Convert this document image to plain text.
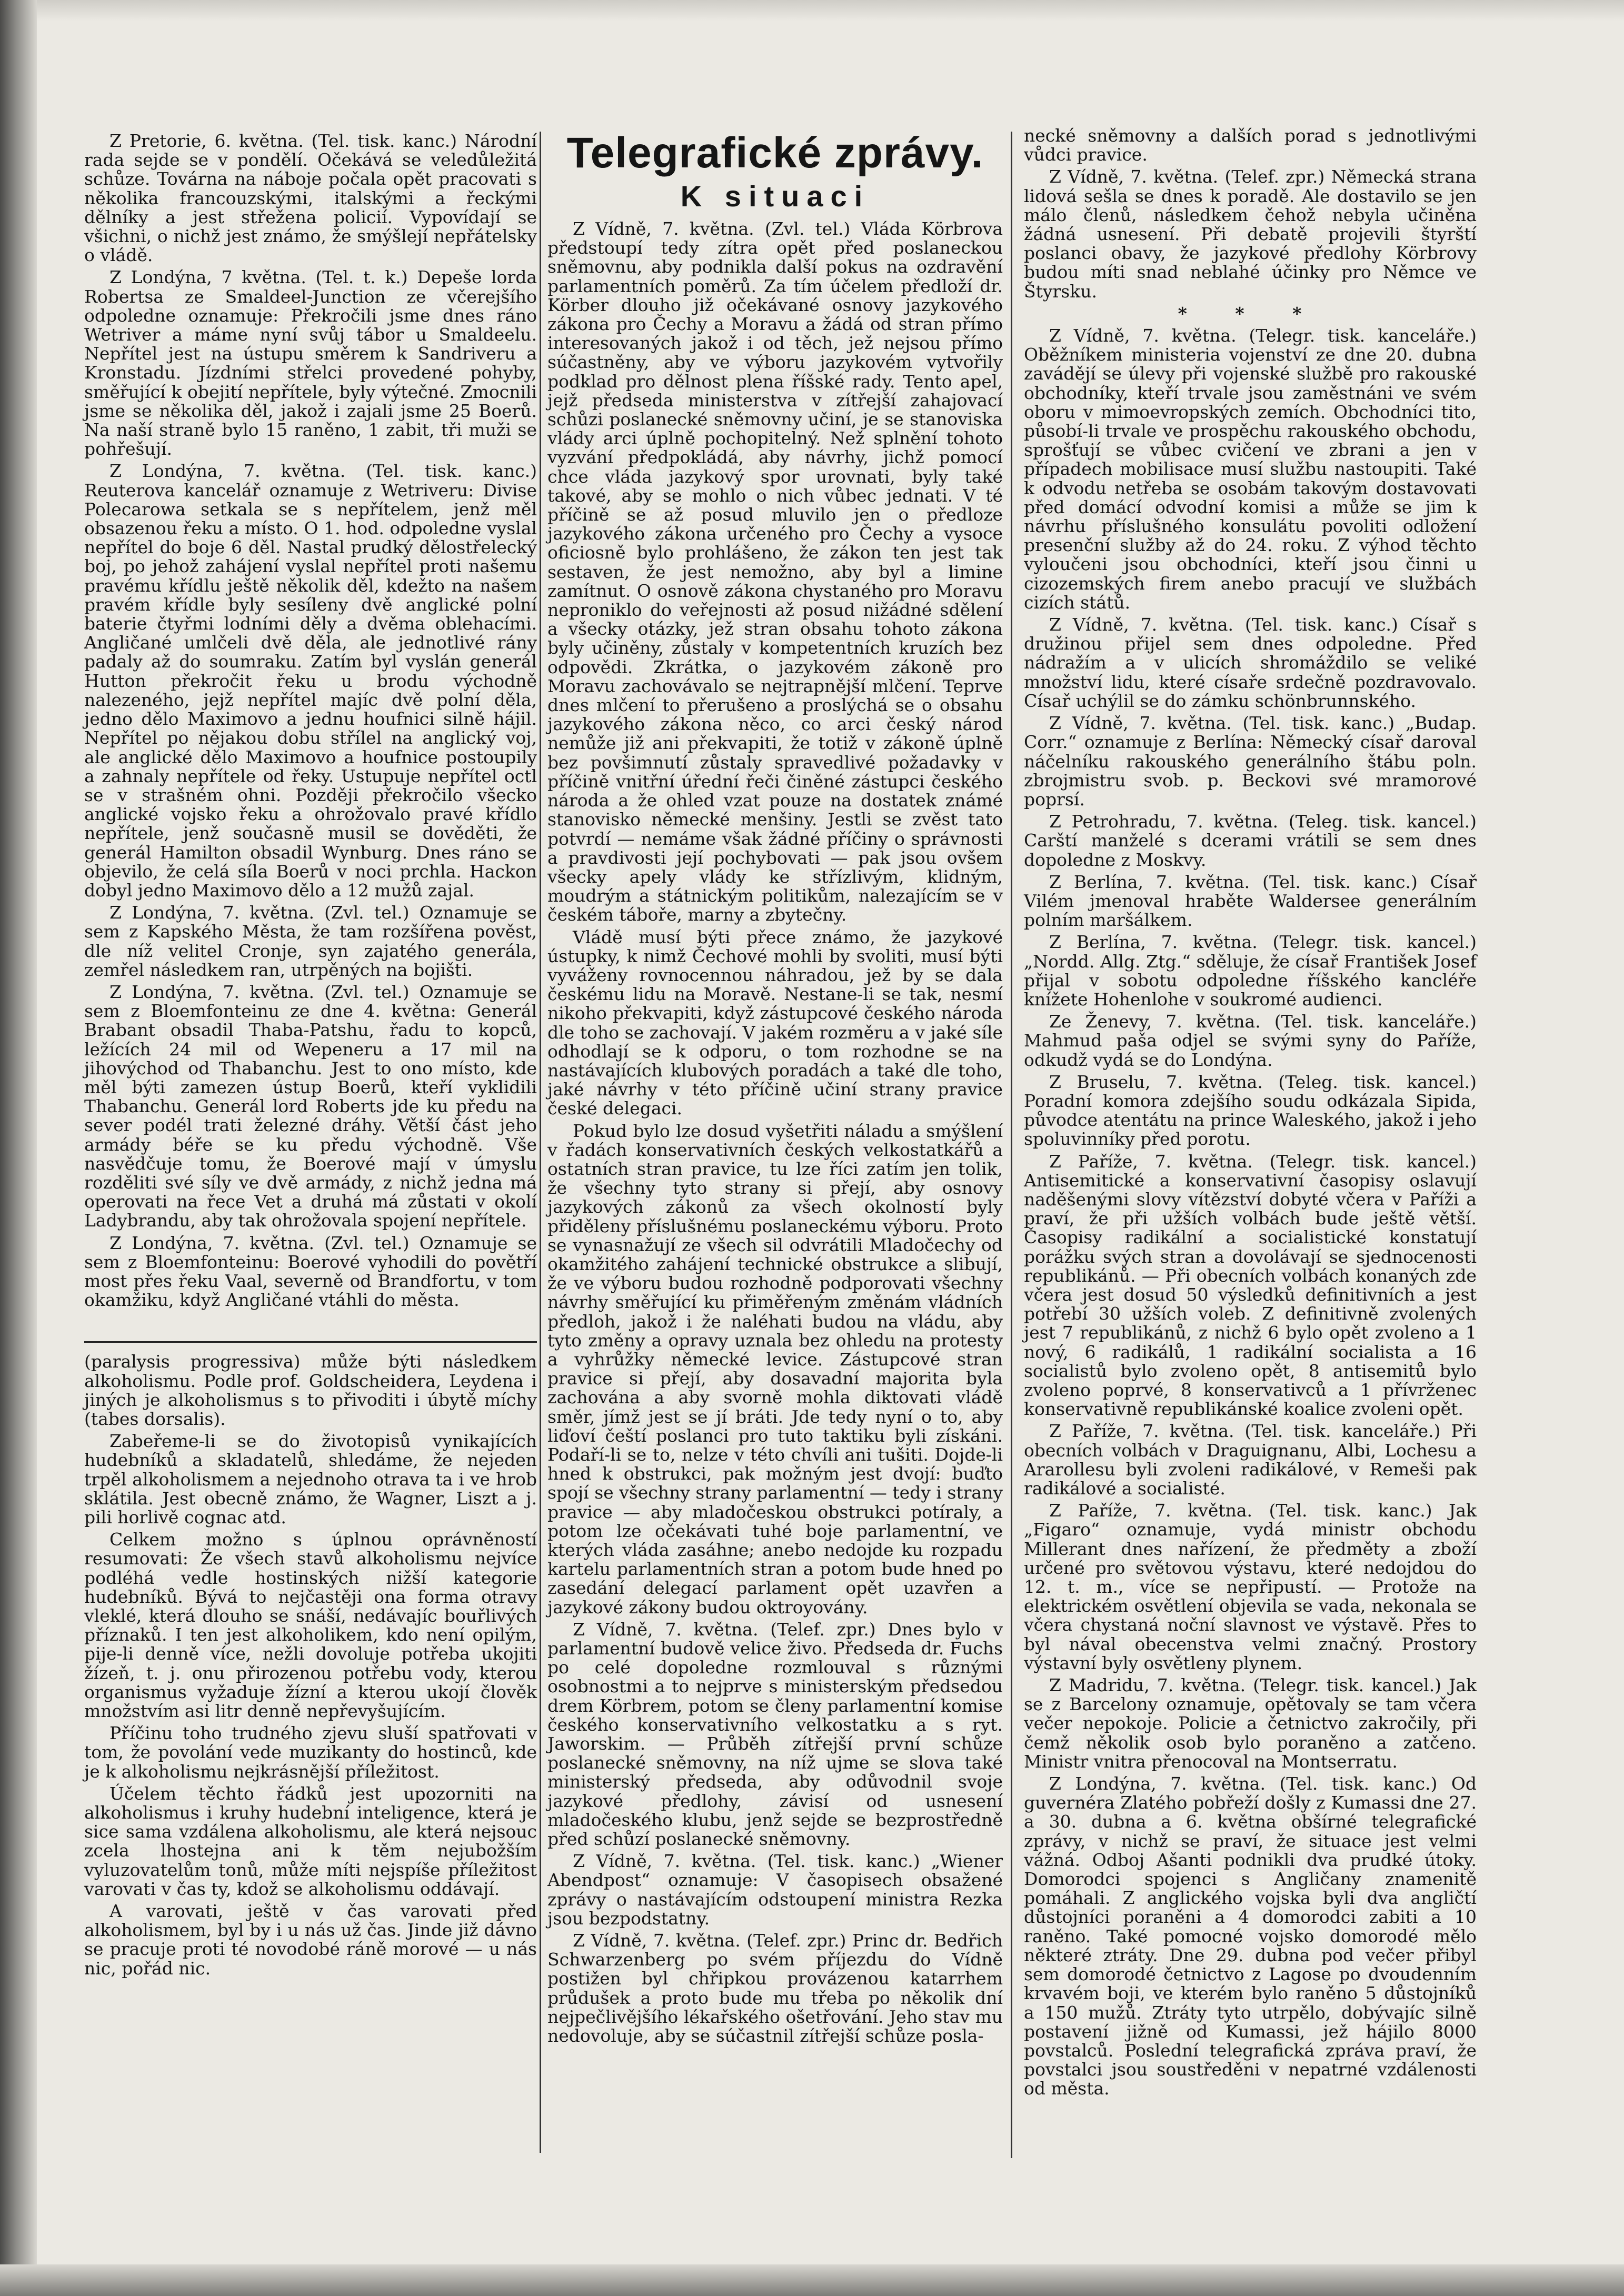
Z Pretorie, 6. května. (Tel. tisk. kanc.) Národní rada sejde se v pondělí. Očekává se veledůležitá schůze. Továrna na náboje počala opět pracovati s několika francouzskými, italskými a řeckými dělníky a jest střežena policií. Vypovídají se všichni, o nichž jest známo, že smýšlejí nepřátelsky o vládě.

Z Londýna, 7 května. (Tel. t. k.) Depeše lorda Robertsa ze Smaldeel-Junction ze včerejšího odpoledne oznamuje: Překročili jsme dnes ráno Wetriver a máme nyní svůj tábor u Smaldeelu. Nepřítel jest na ústupu směrem k Sandriveru a Kronstadu. Jízdními střelci provedené pohyby, směřující k obejití nepřítele, byly výtečné. Zmocnili jsme se několika děl, jakož i zajali jsme 25 Boerů. Na naší straně bylo 15 raněno, 1 zabit, tři muži se pohřešují.

Z Londýna, 7. května. (Tel. tisk. kanc.) Reuterova kancelář oznamuje z Wetriveru: Divise Polecarowa setkala se s nepřítelem, jenž měl obsazenou řeku a místo. O 1. hod. odpoledne vyslal nepřítel do boje 6 děl. Nastal prudký dělostřelecký boj, po jehož zahájení vyslal nepřítel proti našemu pravému křídlu ještě několik děl, kdežto na našem pravém křídle byly sesíleny dvě anglické polní baterie čtyřmi lodními děly a dvěma oblehacími. Angličané umlčeli dvě děla, ale jednotlivé rány padaly až do soumraku. Zatím byl vyslán generál Hutton překročit řeku u brodu východně nalezeného, jejž nepřítel majíc dvě polní děla, jedno dělo Maximovo a jednu houfnici silně hájil. Nepřítel po nějakou dobu střílel na anglický voj, ale anglické dělo Maximovo a houfnice postoupily a zahnaly nepřítele od řeky. Ustupuje nepřítel octl se v strašném ohni. Později překročilo všecko anglické vojsko řeku a ohrožovalo pravé křídlo nepřítele, jenž současně musil se dověděti, že generál Hamilton obsadil Wynburg. Dnes ráno se objevilo, že celá síla Boerů v noci prchla. Hackon dobyl jedno Maximovo dělo a 12 mužů zajal.

Z Londýna, 7. května. (Zvl. tel.) Oznamuje se sem z Kapského Města, že tam rozšířena pověst, dle níž velitel Cronje, syn zajatého generála, zemřel následkem ran, utrpěných na bojišti.

Z Londýna, 7. května. (Zvl. tel.) Oznamuje se sem z Bloemfonteinu ze dne 4. května: Generál Brabant obsadil Thaba-Patshu, řadu to kopců, ležících 24 mil od Wepeneru a 17 mil na jihovýchod od Thabanchu. Jest to ono místo, kde měl býti zamezen ústup Boerů, kteří vyklidili Thabanchu. Generál lord Roberts jde ku předu na sever podél trati železné dráhy. Větší část jeho armády béře se ku předu východně. Vše nasvědčuje tomu, že Boerové mají v úmyslu rozděliti své síly ve dvě armády, z nichž jedna má operovati na řece Vet a druhá má zůstati v okolí Ladybrandu, aby tak ohrožovala spojení nepřítele.

Z Londýna, 7. května. (Zvl. tel.) Oznamuje se sem z Bloemfonteinu: Boerové vyhodili do povětří most přes řeku Vaal, severně od Brandfortu, v tom okamžiku, když Angličané vtáhli do města.

(paralysis progressiva) může býti následkem alkoholismu. Podle prof. Goldscheidera, Leydena i jiných je alkoholismus s to přivoditi i úbytě míchy (tabes dorsalis).

Zabeřeme-li se do životopisů vynikajících hudebníků a skladatelů, shledáme, že nejeden trpěl alkoholismem a nejednoho otrava ta i ve hrob sklátila. Jest obecně známo, že Wagner, Liszt a j. pili horlivě cognac atd.

Celkem možno s úplnou oprávněností resumovati: Že všech stavů alkoholismu nejvíce podléhá vedle hostinských nižší kategorie hudebníků. Bývá to nejčastěji ona forma otravy vleklé, která dlouho se snáší, nedávajíc bouřlivých příznaků. I ten jest alkoholikem, kdo není opilým, pije-li denně více, nežli dovoluje potřeba ukojiti žízeň, t. j. onu přirozenou potřebu vody, kterou organismus vyžaduje žízní a kterou ukojí člověk množstvím asi litr denně nepřevyšujícím.

Příčinu toho trudného zjevu sluší spatřovati v tom, že povolání vede muzikanty do hostinců, kde je k alkoholismu nejkrásnější příležitost.

Účelem těchto řádků jest upozorniti na alkoholismus i kruhy hudební inteligence, která je sice sama vzdálena alkoholismu, ale která nejsouc zcela lhostejna ani k těm nejubožším vyluzovatelům tonů, může míti nejspíše příležitost varovati v čas ty, kdož se alkoholismu oddávají.

A varovati, ještě v čas varovati před alkoholismem, byl by i u nás už čas. Jinde již dávno se pracuje proti té novodobé ráně morové — u nás nic, pořád nic.

Telegrafické zprávy.
K situaci

Z Vídně, 7. května. (Zvl. tel.) Vláda Körbrova předstoupí tedy zítra opět před poslaneckou sněmovnu, aby podnikla další pokus na ozdravění parlamentních poměrů. Za tím účelem předloží dr. Körber dlouho již očekávané osnovy jazykového zákona pro Čechy a Moravu a žádá od stran přímo interesovaných jakož i od těch, jež nejsou přímo súčastněny, aby ve výboru jazykovém vytvořily podklad pro dělnost plena říšské rady. Tento apel, jejž předseda ministerstva v zítřejší zahajovací schůzi poslanecké sněmovny učiní, je se stanoviska vlády arci úplně pochopitelný. Než splnění tohoto vyzvání předpokládá, aby návrhy, jichž pomocí chce vláda jazykový spor urovnati, byly také takové, aby se mohlo o nich vůbec jednati. V té příčině se až posud mluvilo jen o předloze jazykového zákona určeného pro Čechy a vysoce oficiosně bylo prohlášeno, že zákon ten jest tak sestaven, že jest nemožno, aby byl a limine zamítnut. O osnově zákona chystaného pro Moravu neproniklo do veřejnosti až posud nižádné sdělení a všecky otázky, jež stran obsahu tohoto zákona byly učiněny, zůstaly v kompetentních kruzích bez odpovědi. Zkrátka, o jazykovém zákoně pro Moravu zachovávalo se nejtrapnější mlčení. Teprve dnes mlčení to přerušeno a proslýchá se o obsahu jazykového zákona něco, co arci český národ nemůže již ani překvapiti, že totiž v zákoně úplně bez povšimnutí zůstaly spravedlivé požadavky v příčině vnitřní úřední řeči činěné zástupci českého národa a že ohled vzat pouze na dostatek známé stanovisko německé menšiny. Jestli se zvěst tato potvrdí — nemáme však žádné příčiny o správnosti a pravdivosti její pochybovati — pak jsou ovšem všecky apely vlády ke střízlivým, klidným, moudrým a státnickým politikům, nalezajícím se v českém táboře, marny a zbytečny.

Vládě musí býti přece známo, že jazykové ústupky, k nimž Čechové mohli by svoliti, musí býti vyváženy rovnocennou náhradou, jež by se dala českému lidu na Moravě. Nestane-li se tak, nesmí nikoho překvapiti, když zástupcové českého národa dle toho se zachovají. V jakém rozměru a v jaké síle odhodlají se k odporu, o tom rozhodne se na nastávajících klubových poradách a také dle toho, jaké návrhy v této příčině učiní strany pravice české delegaci.

Pokud bylo lze dosud vyšetřiti náladu a smýšlení v řadách konservativních českých velkostatkářů a ostatních stran pravice, tu lze říci zatím jen tolik, že všechny tyto strany si přejí, aby osnovy jazykových zákonů za všech okolností byly přiděleny příslušnému poslaneckému výboru. Proto se vynasnažují ze všech sil odvrátili Mladočechy od okamžitého zahájení technické obstrukce a slibují, že ve výboru budou rozhodně podporovati všechny návrhy směřující ku přiměřeným změnám vládních předloh, jakož i že naléhati budou na vládu, aby tyto změny a opravy uznala bez ohledu na protesty a vyhrůžky německé levice. Zástupcové stran pravice si přejí, aby dosavadní majorita byla zachována a aby svorně mohla diktovati vládě směr, jímž jest se jí bráti. Jde tedy nyní o to, aby liďoví čeští poslanci pro tuto taktiku byli získáni. Podaří-li se to, nelze v této chvíli ani tušiti. Dojde-li hned k obstrukci, pak možným jest dvojí: buďto spojí se všechny strany parlamentní — tedy i strany pravice — aby mladočeskou obstrukci potíraly, a potom lze očekávati tuhé boje parlamentní, ve kterých vláda zasáhne; anebo nedojde ku rozpadu kartelu parlamentních stran a potom bude hned po zasedání delegací parlament opět uzavřen a jazykové zákony budou oktroyovány.

Z Vídně, 7. května. (Telef. zpr.) Dnes bylo v parlamentní budově velice živo. Předseda dr. Fuchs po celé dopoledne rozmlouval s různými osobnostmi a to nejprve s ministerským předsedou drem Körbrem, potom se členy parlamentní komise českého konservativního velkostatku a s ryt. Jaworskim. — Průběh zítřejší první schůze poslanecké sněmovny, na níž ujme se slova také ministerský předseda, aby odůvodnil svoje jazykové předlohy, závisí od usnesení mladočeského klubu, jenž sejde se bezprostředně před schůzí poslanecké sněmovny.

Z Vídně, 7. května. (Tel. tisk. kanc.) „Wiener Abendpost“ oznamuje: V časopisech obsažené zprávy o nastávajícím odstoupení ministra Rezka jsou bezpodstatny.

Z Vídně, 7. května. (Telef. zpr.) Princ dr. Bedřich Schwarzenberg po svém příjezdu do Vídně postižen byl chřipkou provázenou katarrhem průdušek a proto bude mu třeba po několik dní nejpečlivějšího lékařského ošetřování. Jeho stav mu nedovoluje, aby se súčastnil zítřejší schůze posla-

necké sněmovny a dalších porad s jednotlivými vůdci pravice.

Z Vídně, 7. května. (Telef. zpr.) Německá strana lidová sešla se dnes k poradě. Ale dostavilo se jen málo členů, následkem čehož nebyla učiněna žádná usnesení. Při debatě projevili štyrští poslanci obavy, že jazykové předlohy Körbrovy budou míti snad neblahé účinky pro Němce ve Štyrsku.

* * *

Z Vídně, 7. května. (Telegr. tisk. kanceláře.) Oběžníkem ministeria vojenství ze dne 20. dubna zavádějí se úlevy při vojenské službě pro rakouské obchodníky, kteří trvale jsou zaměstnáni ve svém oboru v mimoevropských zemích. Obchodníci tito, působí-li trvale ve prospěchu rakouského obchodu, sprošťují se vůbec cvičení ve zbrani a jen v případech mobilisace musí službu nastoupiti. Také k odvodu netřeba se osobám takovým dostavovati před domácí odvodní komisi a může se jim k návrhu příslušného konsulátu povoliti odložení presenční služby až do 24. roku. Z výhod těchto vyloučeni jsou obchodníci, kteří jsou činni u cizozemských firem anebo pracují ve službách cizích států.

Z Vídně, 7. května. (Tel. tisk. kanc.) Císař s družinou přijel sem dnes odpoledne. Před nádražím a v ulicích shromáždilo se veliké množství lidu, které císaře srdečně pozdravovalo. Císař uchýlil se do zámku schönbrunnského.

Z Vídně, 7. května. (Tel. tisk. kanc.) „Budap. Corr.“ oznamuje z Berlína: Německý císař daroval náčelníku rakouského generálního štábu poln. zbrojmistru svob. p. Beckovi své mramorové poprsí.

Z Petrohradu, 7. května. (Teleg. tisk. kancel.) Carští manželé s dcerami vrátili se sem dnes dopoledne z Moskvy.

Z Berlína, 7. května. (Tel. tisk. kanc.) Císař Vilém jmenoval hraběte Waldersee generálním polním maršálkem.

Z Berlína, 7. května. (Telegr. tisk. kancel.) „Nordd. Allg. Ztg.“ sděluje, že císař František Josef přijal v sobotu odpoledne říšského kancléře knížete Hohenlohe v soukromé audienci.

Ze Ženevy, 7. května. (Tel. tisk. kanceláře.) Mahmud paša odjel se svými syny do Paříže, odkudž vydá se do Londýna.

Z Bruselu, 7. května. (Teleg. tisk. kancel.) Poradní komora zdejšího soudu odkázala Sipida, původce atentátu na prince Waleského, jakož i jeho spoluvinníky před porotu.

Z Paříže, 7. května. (Telegr. tisk. kancel.) Antisemitické a konservativní časopisy oslavují naděšenými slovy vítězství dobyté včera v Paříži a praví, že při užších volbách bude ještě větší. Časopisy radikální a socialistické konstatují porážku svých stran a dovolávají se sjednocenosti republikánů. — Při obecních volbách konaných zde včera jest dosud 50 výsledků definitivních a jest potřebí 30 užších voleb. Z definitivně zvolených jest 7 republikánů, z nichž 6 bylo opět zvoleno a 1 nový, 6 radikálů, 1 radikální socialista a 16 socialistů bylo zvoleno opět, 8 antisemitů bylo zvoleno poprvé, 8 konservativců a 1 přívrženec konservativně republikánské koalice zvoleni opět.

Z Paříže, 7. května. (Tel. tisk. kanceláře.) Při obecních volbách v Draguignanu, Albi, Lochesu a Ararollesu byli zvoleni radikálové, v Remeši pak radikálové a socialisté.

Z Paříže, 7. května. (Tel. tisk. kanc.) Jak „Figaro“ oznamuje, vydá ministr obchodu Millerant dnes nařízení, že předměty a zboží určené pro světovou výstavu, které nedojdou do 12. t. m., více se nepřipustí. — Protože na elektrickém osvětlení objevila se vada, nekonala se včera chystaná noční slavnost ve výstavě. Přes to byl nával obecenstva velmi značný. Prostory výstavní byly osvětleny plynem.

Z Madridu, 7. května. (Telegr. tisk. kancel.) Jak se z Barcelony oznamuje, opětovaly se tam včera večer nepokoje. Policie a četnictvo zakročily, při čemž několik osob bylo poraněno a zatčeno. Ministr vnitra přenocoval na Montserratu.

Z Londýna, 7. května. (Tel. tisk. kanc.) Od guvernéra Zlatého pobřeží došly z Kumassi dne 27. a 30. dubna a 6. května obšírné telegrafické zprávy, v nichž se praví, že situace jest velmi vážná. Odboj Ašanti podnikli dva prudké útoky. Domorodci spojenci s Angličany znamenitě pomáhali. Z anglického vojska byli dva angličtí důstojníci poraněni a 4 domorodci zabiti a 10 raněno. Také pomocné vojsko domorodé mělo některé ztráty. Dne 29. dubna pod večer přibyl sem domorodé četnictvo z Lagose po dvoudenním krvavém boji, ve kterém bylo raněno 5 důstojníků a 150 mužů. Ztráty tyto utrpělo, dobývajíc silně postavení jižně od Kumassi, jež hájilo 8000 povstalců. Poslední telegrafická zpráva praví, že povstalci jsou soustředěni v nepatrné vzdálenosti od města.
